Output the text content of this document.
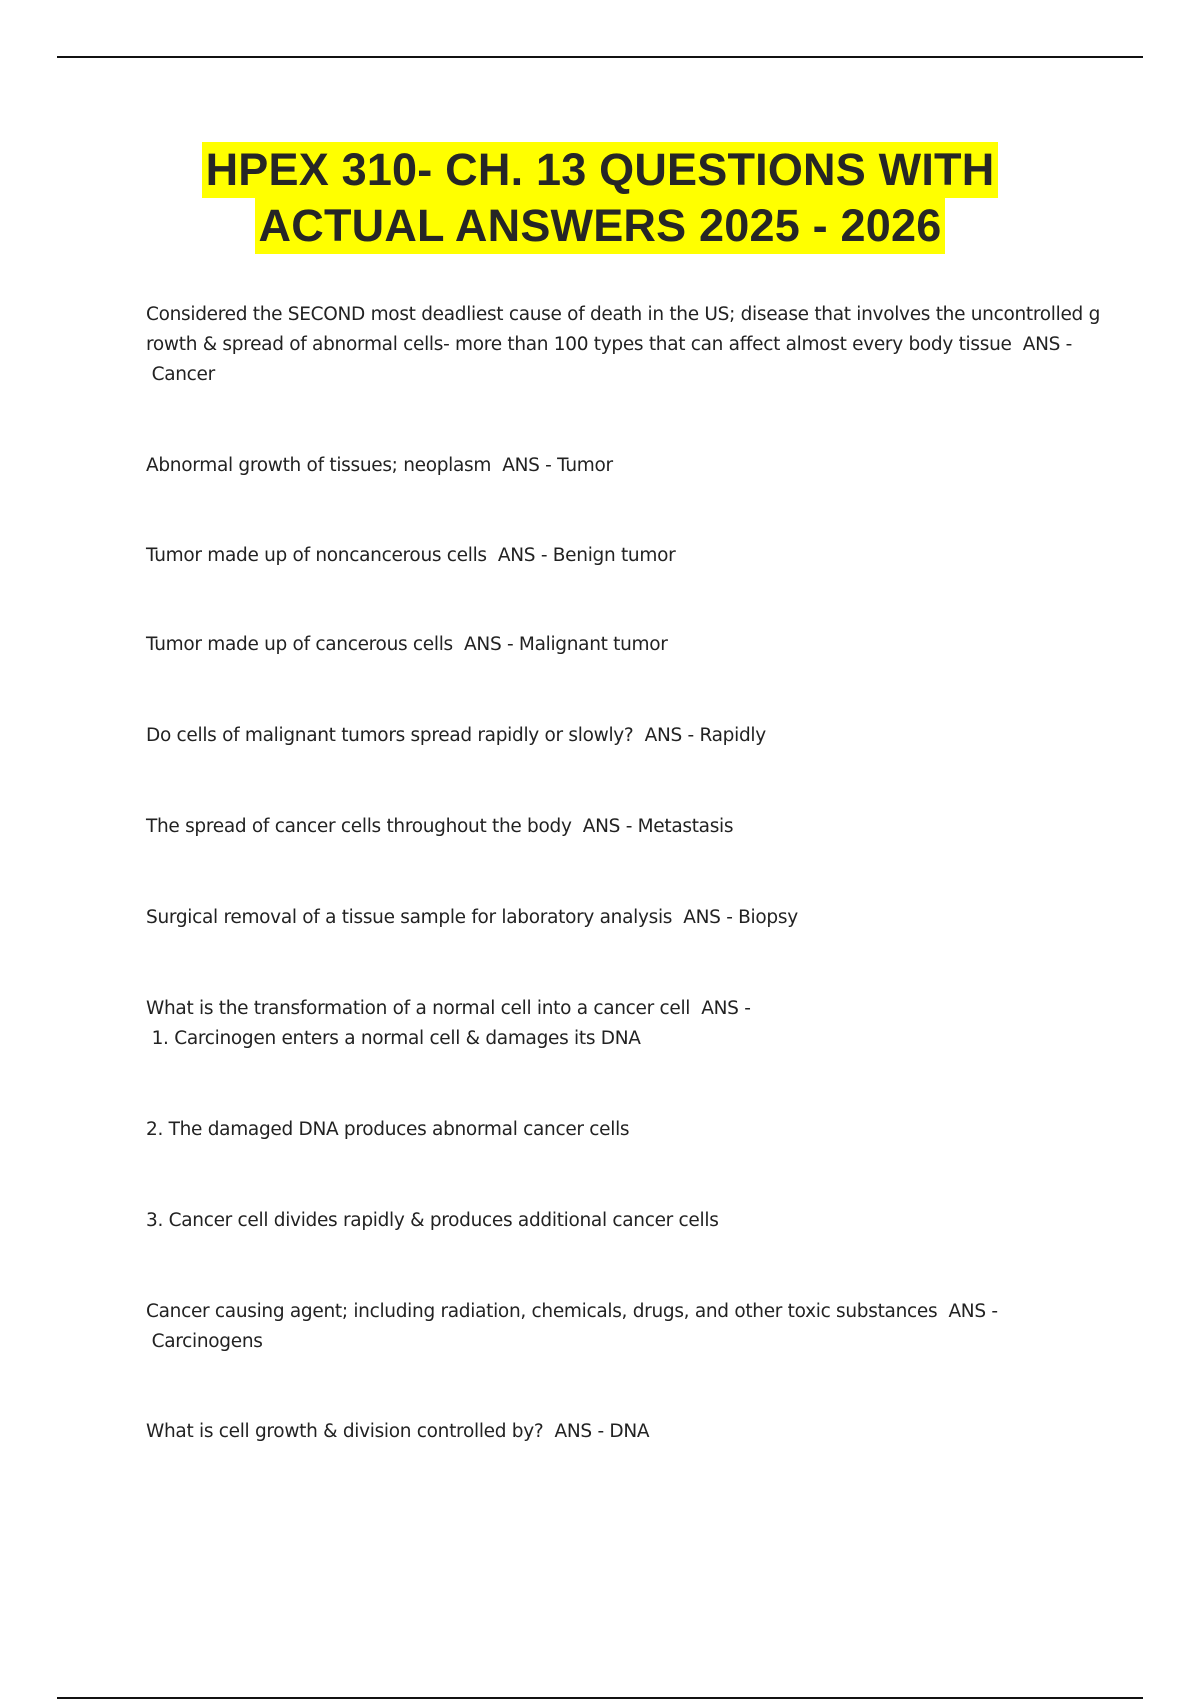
HPEX 310- CH. 13 QUESTIONS WITH
ACTUAL ANSWERS 2025 - 2026
Considered the SECOND most deadliest cause of death in the US; disease that involves the uncontrolled g
rowth & spread of abnormal cells- more than 100 types that can affect almost every body tissue  ANS -
Cancer
Abnormal growth of tissues; neoplasm  ANS - Tumor
Tumor made up of noncancerous cells  ANS - Benign tumor
Tumor made up of cancerous cells  ANS - Malignant tumor
Do cells of malignant tumors spread rapidly or slowly?  ANS - Rapidly
The spread of cancer cells throughout the body  ANS - Metastasis
Surgical removal of a tissue sample for laboratory analysis  ANS - Biopsy
What is the transformation of a normal cell into a cancer cell  ANS -
1. Carcinogen enters a normal cell & damages its DNA
2. The damaged DNA produces abnormal cancer cells
3. Cancer cell divides rapidly & produces additional cancer cells
Cancer causing agent; including radiation, chemicals, drugs, and other toxic substances  ANS -
Carcinogens
What is cell growth & division controlled by?  ANS - DNA
